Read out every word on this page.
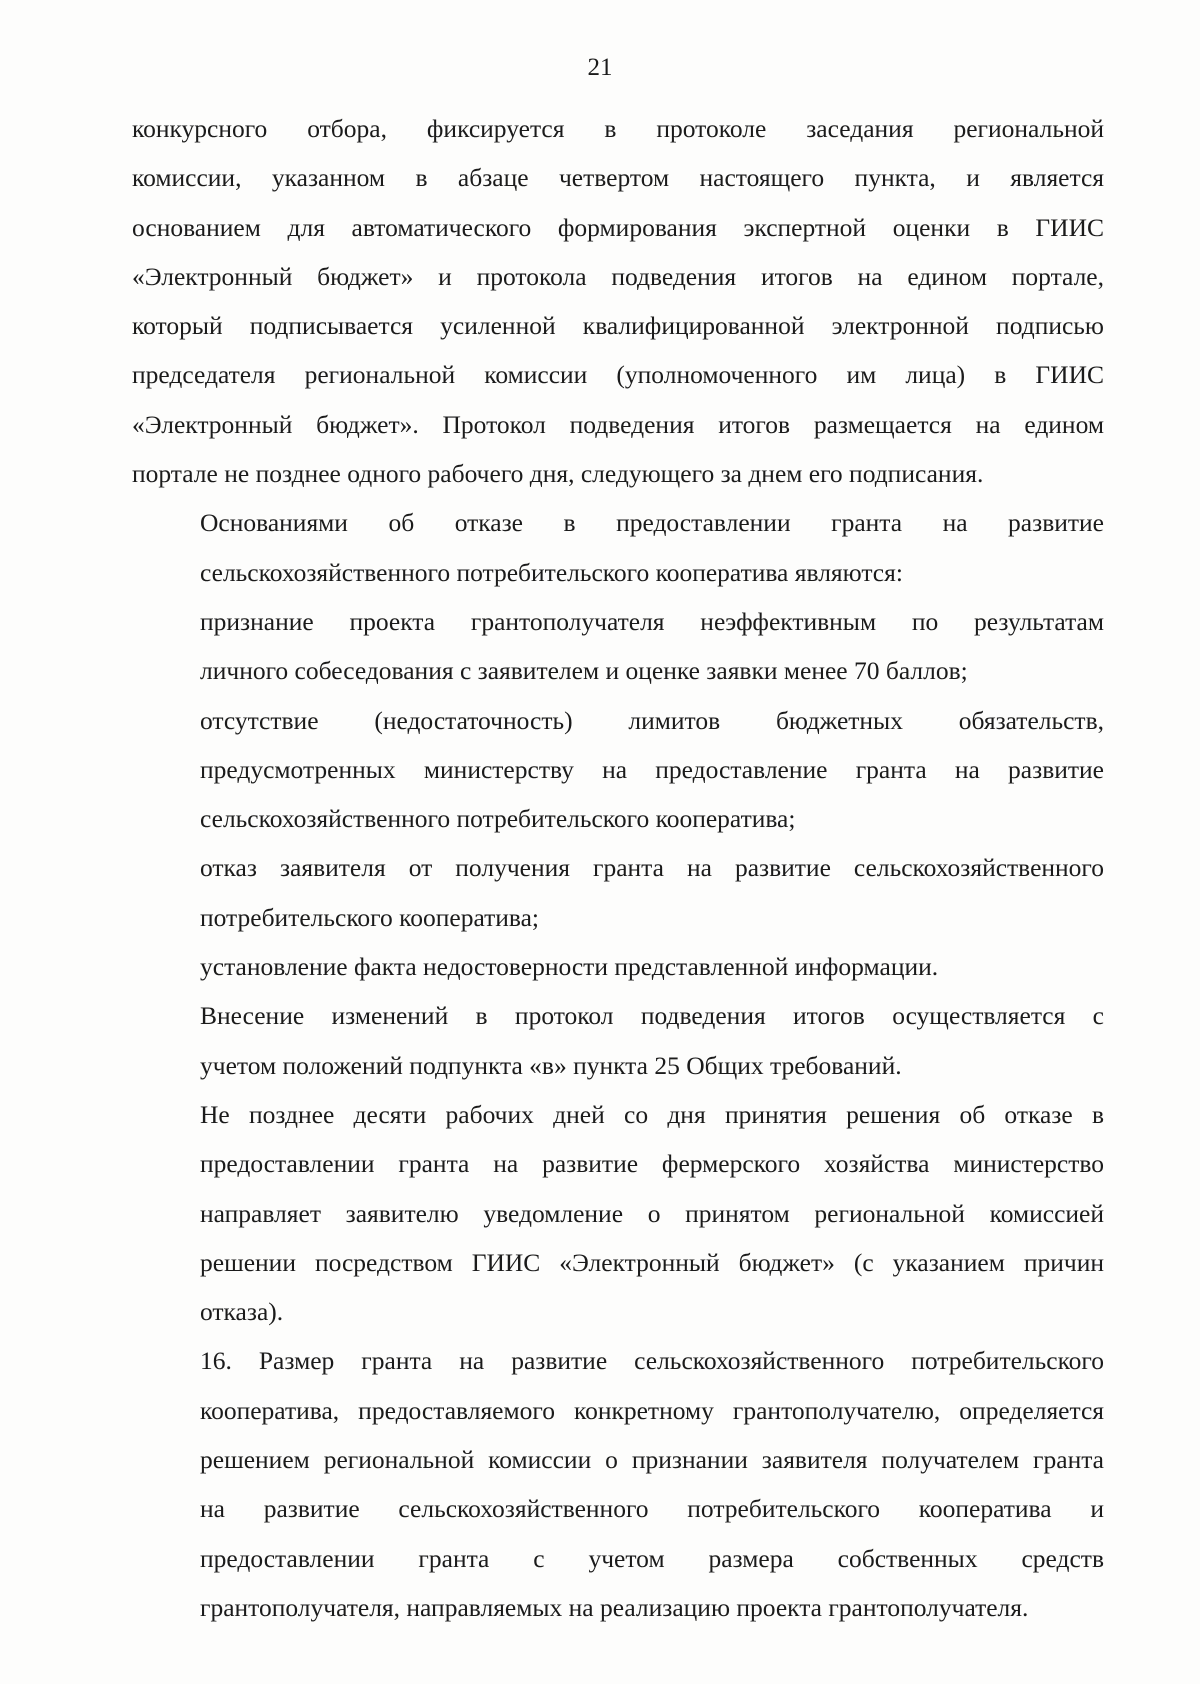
21

конкурсного отбора, фиксируется в протоколе заседания региональной
комиссии, указанном в абзаце четвертом настоящего пункта, и является
основанием для автоматического формирования экспертной оценки в ГИИС
«Электронный бюджет» и протокола подведения итогов на едином портале,
который подписывается усиленной квалифицированной электронной подписью
председателя региональной комиссии (уполномоченного им лица) в ГИИС
«Электронный бюджет». Протокол подведения итогов размещается на едином
портале не позднее одного рабочего дня, следующего за днем его подписания.

Основаниями об отказе в предоставлении гранта на развитие
сельскохозяйственного потребительского кооператива являются:

признание проекта грантополучателя неэффективным по результатам
личного собеседования с заявителем и оценке заявки менее 70 баллов;

отсутствие (недостаточность) лимитов бюджетных обязательств,
предусмотренных министерству на предоставление гранта на развитие
сельскохозяйственного потребительского кооператива;

отказ заявителя от получения гранта на развитие сельскохозяйственного
потребительского кооператива;

установление факта недостоверности представленной информации.

Внесение изменений в протокол подведения итогов осуществляется с
учетом положений подпункта «в» пункта 25 Общих требований.

Не позднее десяти рабочих дней со дня принятия решения об отказе в
предоставлении гранта на развитие фермерского хозяйства министерство
направляет заявителю уведомление о принятом региональной комиссией
решении посредством ГИИС «Электронный бюджет» (с указанием причин
отказа).

16. Размер гранта на развитие сельскохозяйственного потребительского
кооператива, предоставляемого конкретному грантополучателю, определяется
решением региональной комиссии о признании заявителя получателем гранта
на развитие сельскохозяйственного потребительского кооператива и
предоставлении гранта с учетом размера собственных средств
грантополучателя, направляемых на реализацию проекта грантополучателя.
